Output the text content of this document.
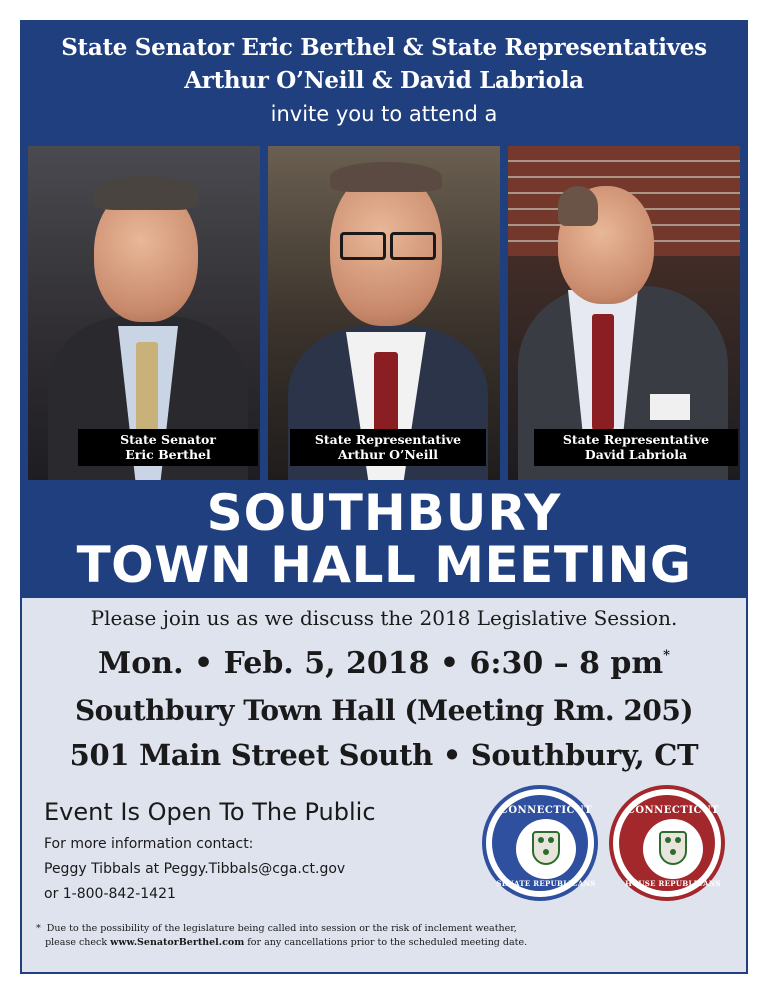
State Senator Eric Berthel & State Representatives
Arthur O’Neill & David Labriola
invite you to attend a
State Senator
Eric Berthel
State Representative
Arthur O’Neill
State Representative
David Labriola
SOUTHBURY
TOWN HALL MEETING
Please join us as we discuss the 2018 Legislative Session.
Mon. • Feb. 5, 2018 • 6:30 – 8 pm*
Southbury Town Hall (Meeting Rm. 205)
501 Main Street South • Southbury, CT
Event Is Open To The Public
For more information contact:
Peggy Tibbals at Peggy.Tibbals@cga.ct.gov
or 1-800-842-1421
CONNECTICUT
SENATE REPUBLICANS
CONNECTICUT
HOUSE REPUBLICANS
* Due to the possibility of the legislature being called into session or the risk of inclement weather,
please check www.SenatorBerthel.com for any cancellations prior to the scheduled meeting date.
